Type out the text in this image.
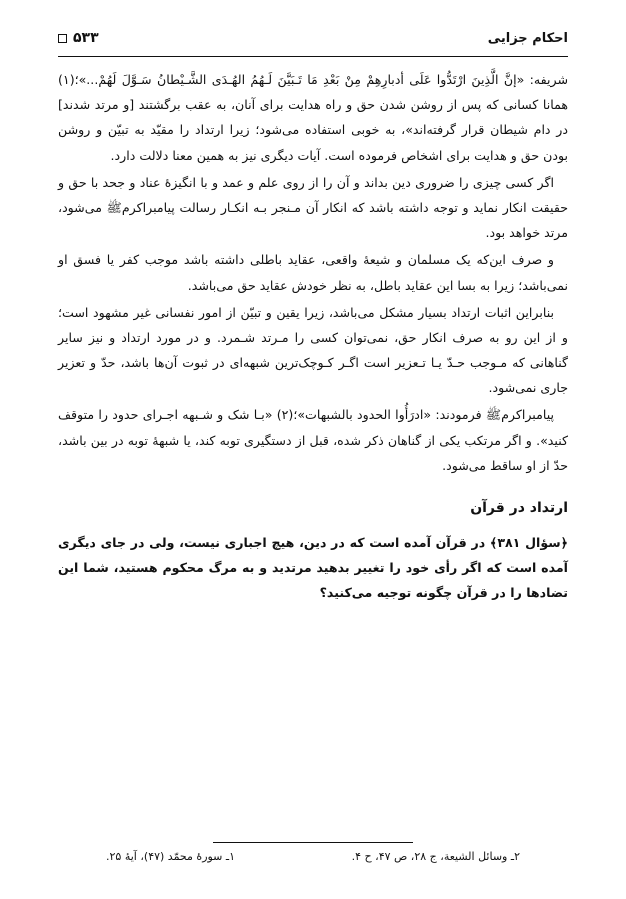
۵۳۳	احکام جزایی

شریفه: «إنَّ الَّذِینَ ارْتَدُّوا عَلَی أدبارِهِمْ مِنْ بَعْدِ مَا تَـبَیَّنَ لَـهُمُ الهُـدَی الشَّـیْطانُ سَـوَّلَ لَهُمْ...»؛(۱) همانا کسانی که پس از روشن شدن حق و راه هدایت برای آنان، به عقب برگشتند [و مرتد شدند] در دام شیطان قرار گرفته‌اند»، به خوبی استفاده می‌شود؛ زیرا ارتداد را مقیّد به تبیّن و روشن بودن حق و هدایت برای اشخاص فرموده است. آیات دیگری نیز به همین معنا دلالت دارد.

اگر کسی چیزی را ضروری دین بداند و آن را از روی علم و عمد و با انگیزۀ عناد و جحد با حق و حقیقت انکار نماید و توجه داشته باشد که انکار آن مـنجر بـه انکـار رسالت پیامبراکرمﷺ می‌شود، مرتد خواهد بود.

و صرف این‌که یک مسلمان و شیعۀ واقعی، عقاید باطلی داشته باشد موجب کفر یا فسق او نمی‌باشد؛ زیرا به بسا این عقاید باطل، به نظر خودش عقاید حق می‌باشد.

بنابراین اثبات ارتداد بسیار مشکل می‌باشد، زیرا یقین و تبیّن از امور نفسانی غیر مشهود است؛ و از این رو به صرف انکار حق، نمی‌توان کسی را مـرتد شـمرد. و در مورد ارتداد و نیز سایر گناهانی که مـوجب حـدّ یـا تـعزیر است اگـر کـوچک‌ترین شبهه‌ای در ثبوت آن‌ها باشد، حدّ و تعزیر جاری نمی‌شود.

پیامبراکرمﷺ فرمودند: «ادرَأُوا الحدود بالشبهات»؛(۲) «بـا شک و شـبهه اجـرای حدود را متوقف کنید». و اگر مرتکب یکی از گناهان ذکر شده، قبل از دستگیری توبه کند، یا شبهۀ توبه در بین باشد، حدّ از او ساقط می‌شود.

ارتداد در قرآن

﴿سؤال ۳۸۱﴾ در قرآن آمده است که در دین، هیچ اجباری نیست، ولی در جای دیگری آمده است که اگر رأی خود را تغییر بدهید مرتدید و به مرگ محکوم هستید، شما این تضادها را در قرآن چگونه توجیه می‌کنید؟

۱ـ سورۀ محمّد (۴۷)، آیۀ ۲۵.	۲ـ وسائل الشیعة، ج ۲۸، ص ۴۷، ح ۴.
